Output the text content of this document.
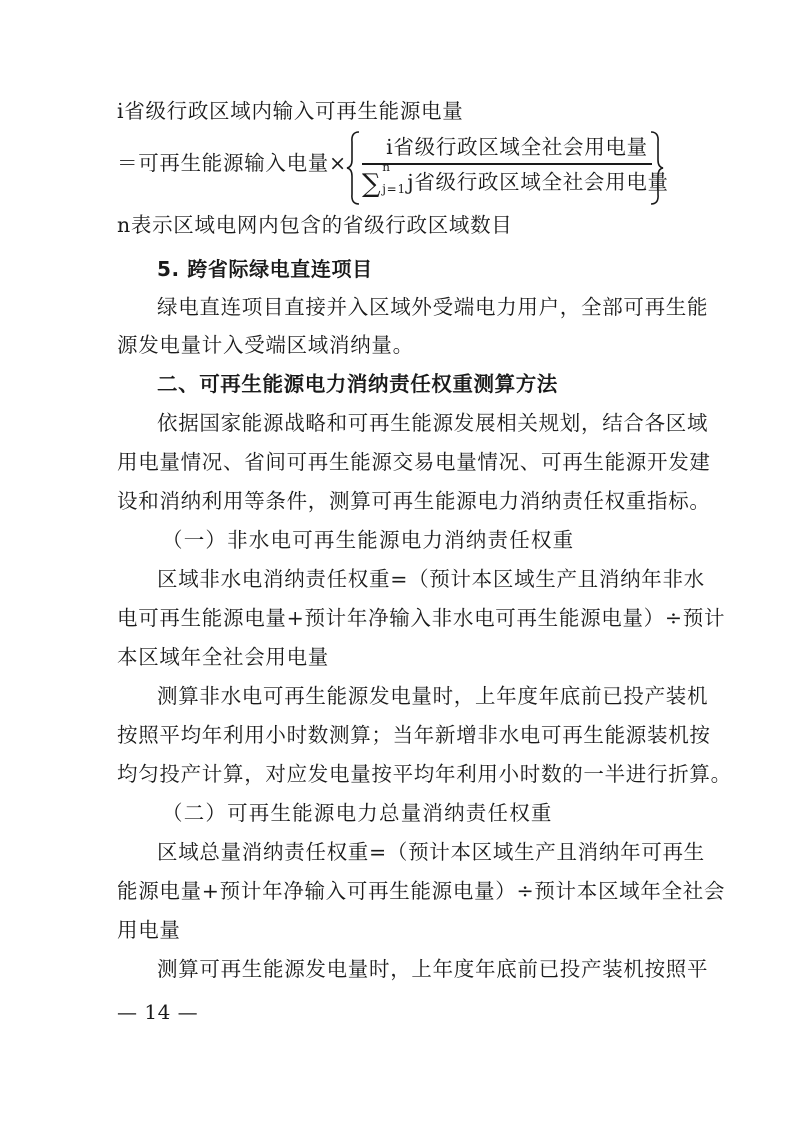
i省级行政区域内输入可再生能源电量
＝可再生能源输入电量×
i省级行政区域全社会用电量
∑
n
j=1 j省级行政区域全社会用电量
n表示区域电网内包含的省级行政区域数目
5. 跨省际绿电直连项目
绿电直连项目直接并入区域外受端电力用户，全部可再生能
源发电量计入受端区域消纳量。
二、可再生能源电力消纳责任权重测算方法
依据国家能源战略和可再生能源发展相关规划，结合各区域
用电量情况、省间可再生能源交易电量情况、可再生能源开发建
设和消纳利用等条件，测算可再生能源电力消纳责任权重指标。
（一）非水电可再生能源电力消纳责任权重
区域非水电消纳责任权重=（预计本区域生产且消纳年非水
电可再生能源电量+预计年净输入非水电可再生能源电量）÷预计
本区域年全社会用电量
测算非水电可再生能源发电量时，上年度年底前已投产装机
按照平均年利用小时数测算；当年新增非水电可再生能源装机按
均匀投产计算，对应发电量按平均年利用小时数的一半进行折算。
（二）可再生能源电力总量消纳责任权重
区域总量消纳责任权重=（预计本区域生产且消纳年可再生
能源电量+预计年净输入可再生能源电量）÷预计本区域年全社会
用电量
测算可再生能源发电量时，上年度年底前已投产装机按照平
— 14 —
